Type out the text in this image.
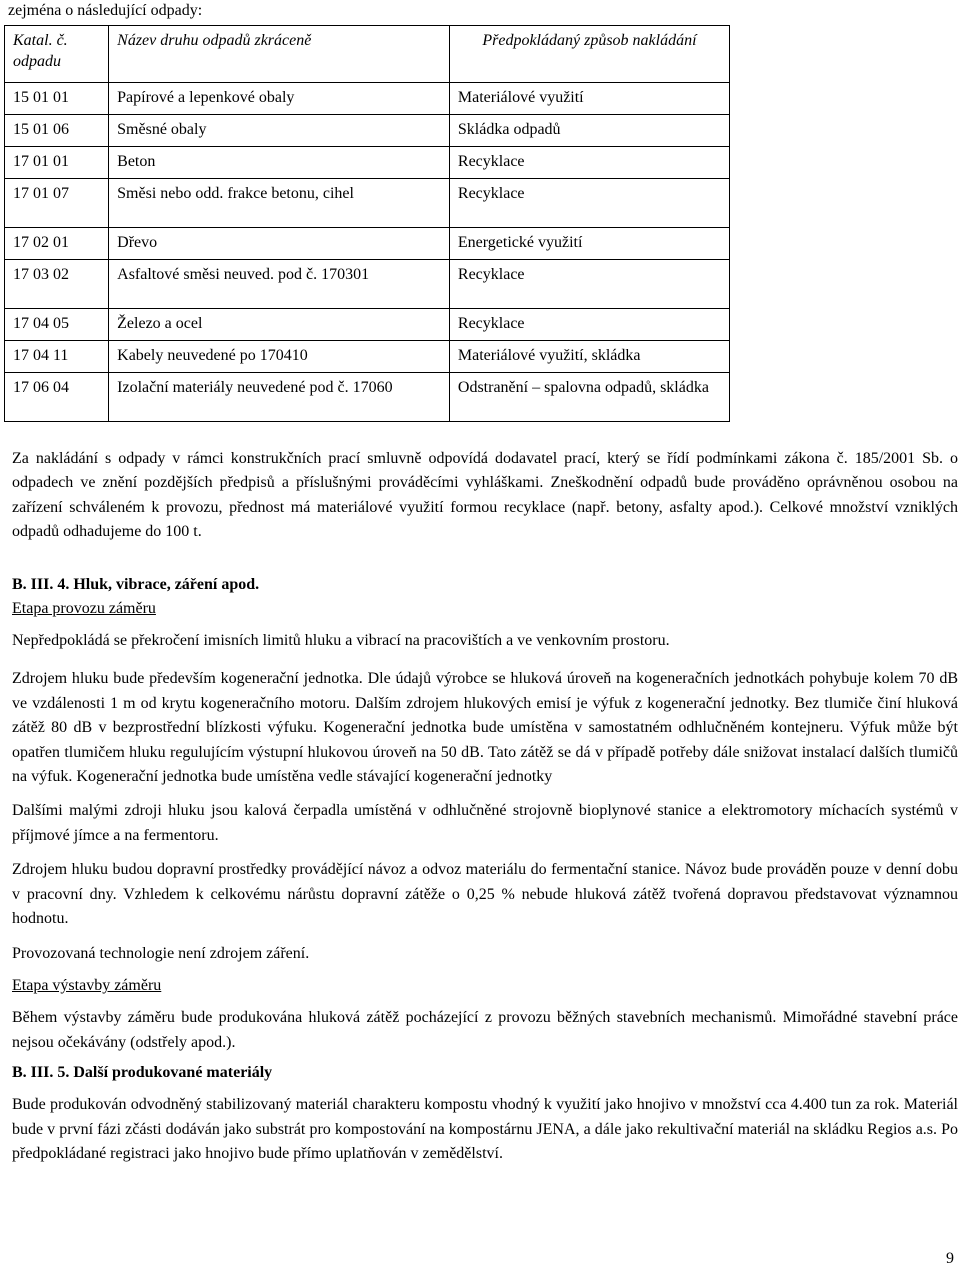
zejména o následující odpady:
Katal. č. odpadu	Název druhu odpadů zkráceně	Předpokládaný způsob nakládání
15 01 01	Papírové a lepenkové obaly	Materiálové využití
15 01 06	Směsné obaly	Skládka odpadů
17 01 01	Beton	Recyklace
17 01 07	Směsi nebo odd. frakce betonu, cihel	Recyklace
17 02 01	Dřevo	Energetické využití
17 03 02	Asfaltové směsi neuved. pod č. 170301	Recyklace
17 04 05	Železo a ocel	Recyklace
17 04 11	Kabely neuvedené po 170410	Materiálové využití, skládka
17 06 04	Izolační materiály neuvedené pod č. 17060	Odstranění – spalovna odpadů, skládka

Za nakládání s odpady v rámci konstrukčních prací smluvně odpovídá dodavatel prací, který se řídí podmínkami zákona č. 185/2001 Sb. o odpadech ve znění pozdějších předpisů a příslušnými prováděcími vyhláškami. Zneškodnění odpadů bude prováděno oprávněnou osobou na zařízení schváleném k provozu, přednost má materiálové využití formou recyklace (např. betony, asfalty apod.). Celkové množství vzniklých odpadů odhadujeme do 100 t.

B. III. 4. Hluk, vibrace, záření apod.

Etapa provozu záměru

Nepředpokládá se překročení imisních limitů hluku a vibrací na pracovištích a ve venkovním prostoru.

Zdrojem hluku bude především kogenerační jednotka. Dle údajů výrobce se hluková úroveň na kogeneračních jednotkách pohybuje kolem 70 dB ve vzdálenosti 1 m od krytu kogeneračního motoru. Dalším zdrojem hlukových emisí je výfuk z kogenerační jednotky. Bez tlumiče činí hluková zátěž 80 dB v bezprostřední blízkosti výfuku. Kogenerační jednotka bude umístěna v samostatném odhlučněném kontejneru. Výfuk může být opatřen tlumičem hluku regulujícím výstupní hlukovou úroveň na 50 dB. Tato zátěž se dá v případě potřeby dále snižovat instalací dalších tlumičů na výfuk. Kogenerační jednotka bude umístěna vedle stávající kogenerační jednotky

Dalšími malými zdroji hluku jsou kalová čerpadla umístěná v odhlučněné strojovně bioplynové stanice a elektromotory míchacích systémů v příjmové jímce a na fermentoru.

Zdrojem hluku budou dopravní prostředky provádějící návoz a odvoz materiálu do fermentační stanice. Návoz bude prováděn pouze v denní dobu v pracovní dny. Vzhledem k celkovému nárůstu dopravní zátěže o 0,25 % nebude hluková zátěž tvořená dopravou představovat významnou hodnotu.

Provozovaná technologie není zdrojem záření.

Etapa výstavby záměru

Během výstavby záměru bude produkována hluková zátěž pocházející z provozu běžných stavebních mechanismů. Mimořádné stavební práce nejsou očekávány (odstřely apod.).

B. III. 5. Další produkované materiály

Bude produkován odvodněný stabilizovaný materiál charakteru kompostu vhodný k využití jako hnojivo v množství cca 4.400 tun za rok. Materiál bude v první fázi zčásti dodáván jako substrát pro kompostování na kompostárnu JENA, a dále jako rekultivační materiál na skládku Regios a.s. Po předpokládané registraci jako hnojivo bude přímo uplatňován v zemědělství.

9
